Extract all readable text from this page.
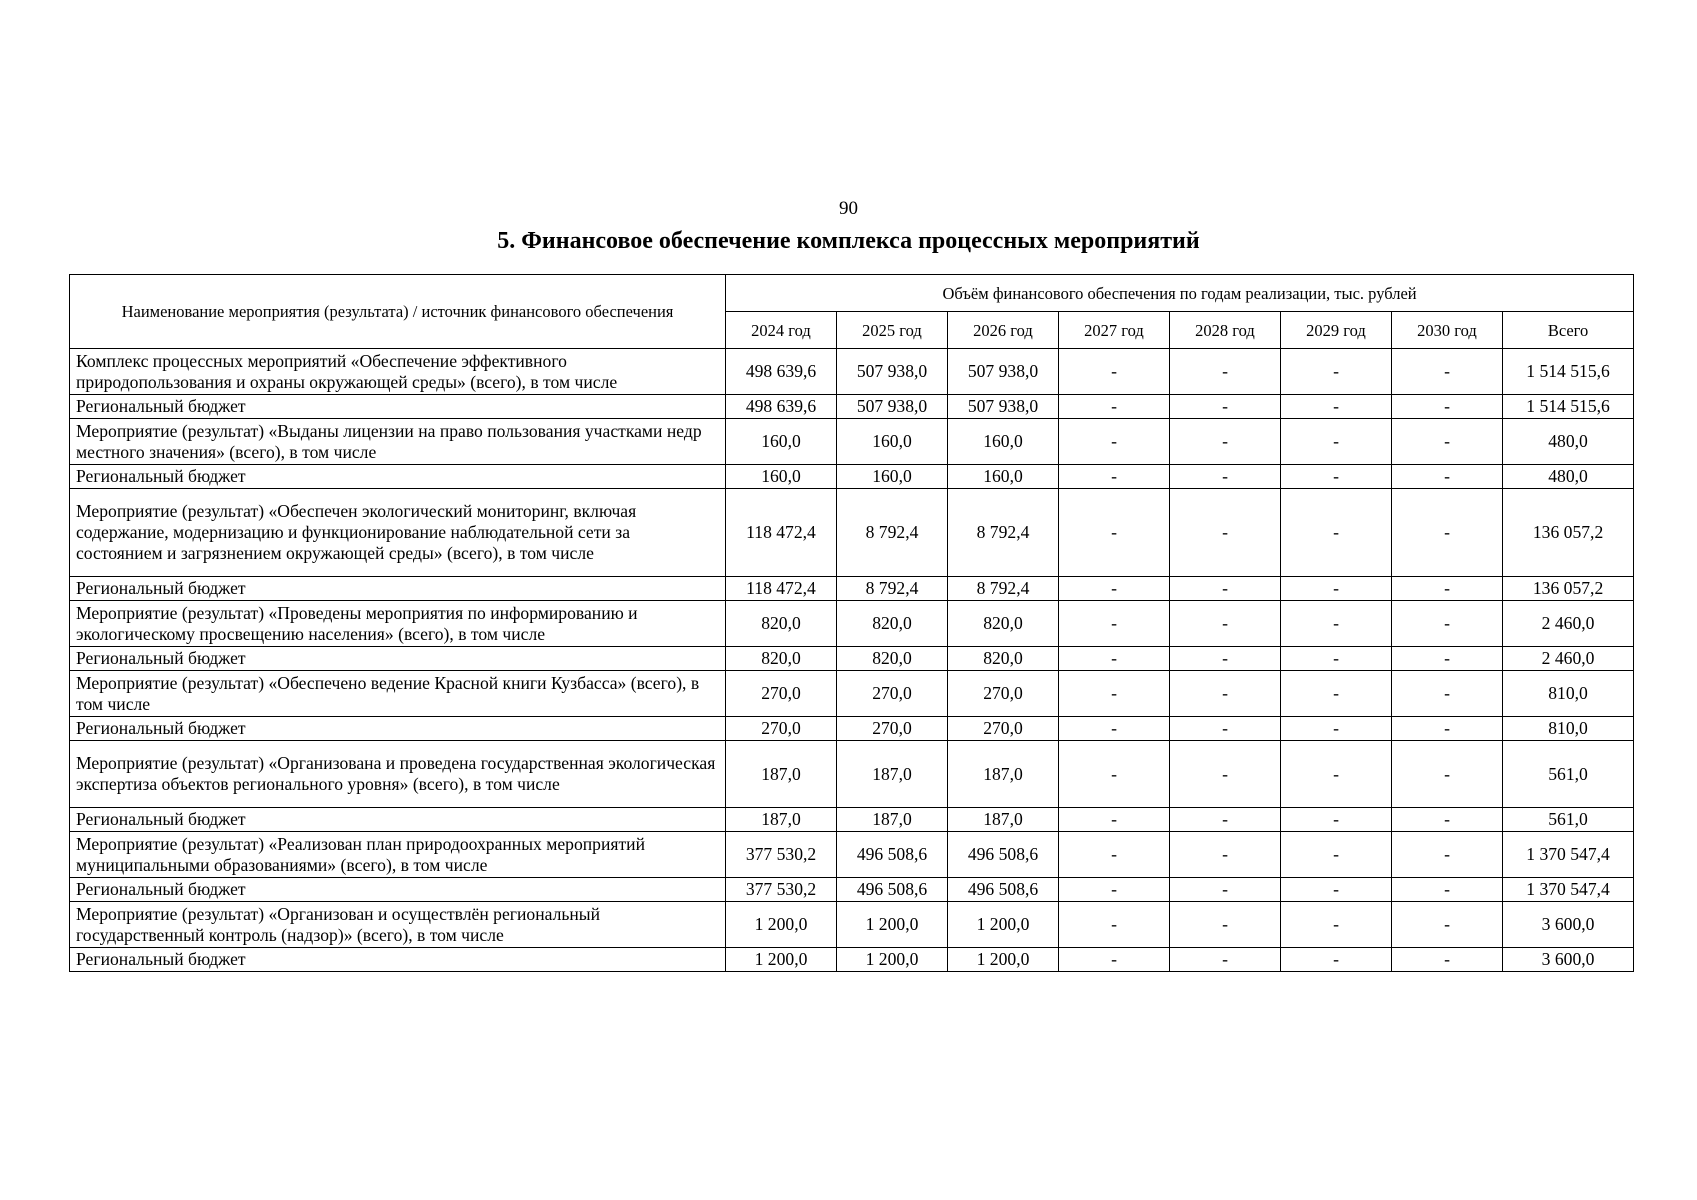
90
5. Финансовое обеспечение комплекса процессных мероприятий
Наименование мероприятия (результата) / источник финансового обеспечения	Объём финансового обеспечения по годам реализации, тыс. рублей							
	2024 год	2025 год	2026 год	2027 год	2028 год	2029 год	2030 год	Всего
Комплекс процессных мероприятий «Обеспечение эффективного природопользования и охраны окружающей среды» (всего), в том числе	498 639,6	507 938,0	507 938,0	-	-	-	-	1 514 515,6
Региональный бюджет	498 639,6	507 938,0	507 938,0	-	-	-	-	1 514 515,6
Мероприятие (результат) «Выданы лицензии на право пользования участками недр местного значения» (всего), в том числе	160,0	160,0	160,0	-	-	-	-	480,0
Региональный бюджет	160,0	160,0	160,0	-	-	-	-	480,0
Мероприятие (результат) «Обеспечен экологический мониторинг, включая содержание, модернизацию и функционирование наблюдательной сети за состоянием и загрязнением окружающей среды» (всего), в том числе	118 472,4	8 792,4	8 792,4	-	-	-	-	136 057,2
Региональный бюджет	118 472,4	8 792,4	8 792,4	-	-	-	-	136 057,2
Мероприятие (результат) «Проведены мероприятия по информированию и экологическому просвещению населения» (всего), в том числе	820,0	820,0	820,0	-	-	-	-	2 460,0
Региональный бюджет	820,0	820,0	820,0	-	-	-	-	2 460,0
Мероприятие (результат) «Обеспечено ведение Красной книги Кузбасса» (всего), в том числе	270,0	270,0	270,0	-	-	-	-	810,0
Региональный бюджет	270,0	270,0	270,0	-	-	-	-	810,0
Мероприятие (результат) «Организована и проведена государственная экологическая экспертиза объектов регионального уровня» (всего), в том числе	187,0	187,0	187,0	-	-	-	-	561,0
Региональный бюджет	187,0	187,0	187,0	-	-	-	-	561,0
Мероприятие (результат) «Реализован план природоохранных мероприятий муниципальными образованиями» (всего), в том числе	377 530,2	496 508,6	496 508,6	-	-	-	-	1 370 547,4
Региональный бюджет	377 530,2	496 508,6	496 508,6	-	-	-	-	1 370 547,4
Мероприятие (результат) «Организован и осуществлён региональный государственный контроль (надзор)» (всего), в том числе	1 200,0	1 200,0	1 200,0	-	-	-	-	3 600,0
Региональный бюджет	1 200,0	1 200,0	1 200,0	-	-	-	-	3 600,0
